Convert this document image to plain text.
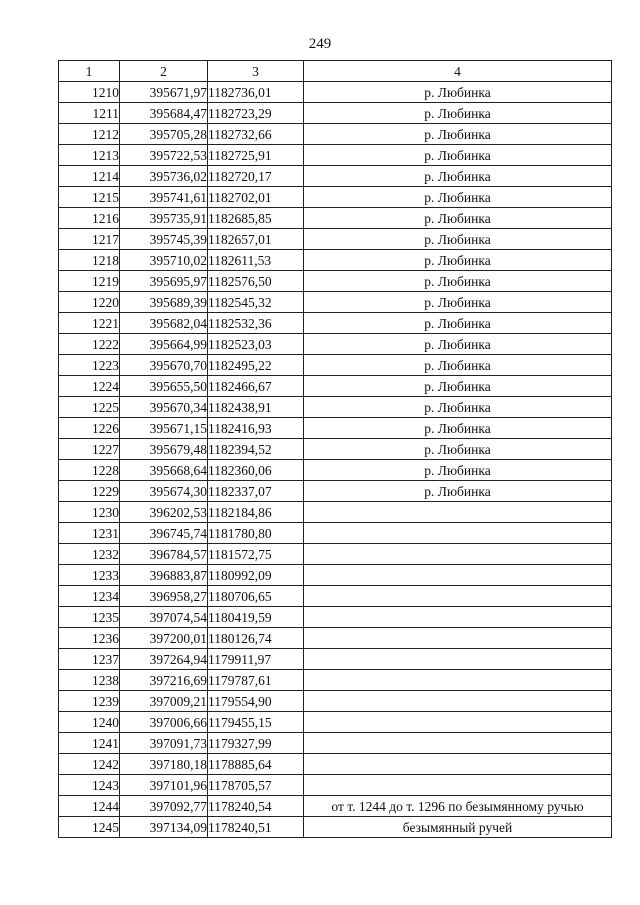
249
1	2	3	4
1210	395671,97	1182736,01	р. Любинка
1211	395684,47	1182723,29	р. Любинка
1212	395705,28	1182732,66	р. Любинка
1213	395722,53	1182725,91	р. Любинка
1214	395736,02	1182720,17	р. Любинка
1215	395741,61	1182702,01	р. Любинка
1216	395735,91	1182685,85	р. Любинка
1217	395745,39	1182657,01	р. Любинка
1218	395710,02	1182611,53	р. Любинка
1219	395695,97	1182576,50	р. Любинка
1220	395689,39	1182545,32	р. Любинка
1221	395682,04	1182532,36	р. Любинка
1222	395664,99	1182523,03	р. Любинка
1223	395670,70	1182495,22	р. Любинка
1224	395655,50	1182466,67	р. Любинка
1225	395670,34	1182438,91	р. Любинка
1226	395671,15	1182416,93	р. Любинка
1227	395679,48	1182394,52	р. Любинка
1228	395668,64	1182360,06	р. Любинка
1229	395674,30	1182337,07	р. Любинка
1230	396202,53	1182184,86	
1231	396745,74	1181780,80	
1232	396784,57	1181572,75	
1233	396883,87	1180992,09	
1234	396958,27	1180706,65	
1235	397074,54	1180419,59	
1236	397200,01	1180126,74	
1237	397264,94	1179911,97	
1238	397216,69	1179787,61	
1239	397009,21	1179554,90	
1240	397006,66	1179455,15	
1241	397091,73	1179327,99	
1242	397180,18	1178885,64	
1243	397101,96	1178705,57	
1244	397092,77	1178240,54	от т. 1244 до т. 1296 по безымянному ручью
1245	397134,09	1178240,51	безымянный ручей
